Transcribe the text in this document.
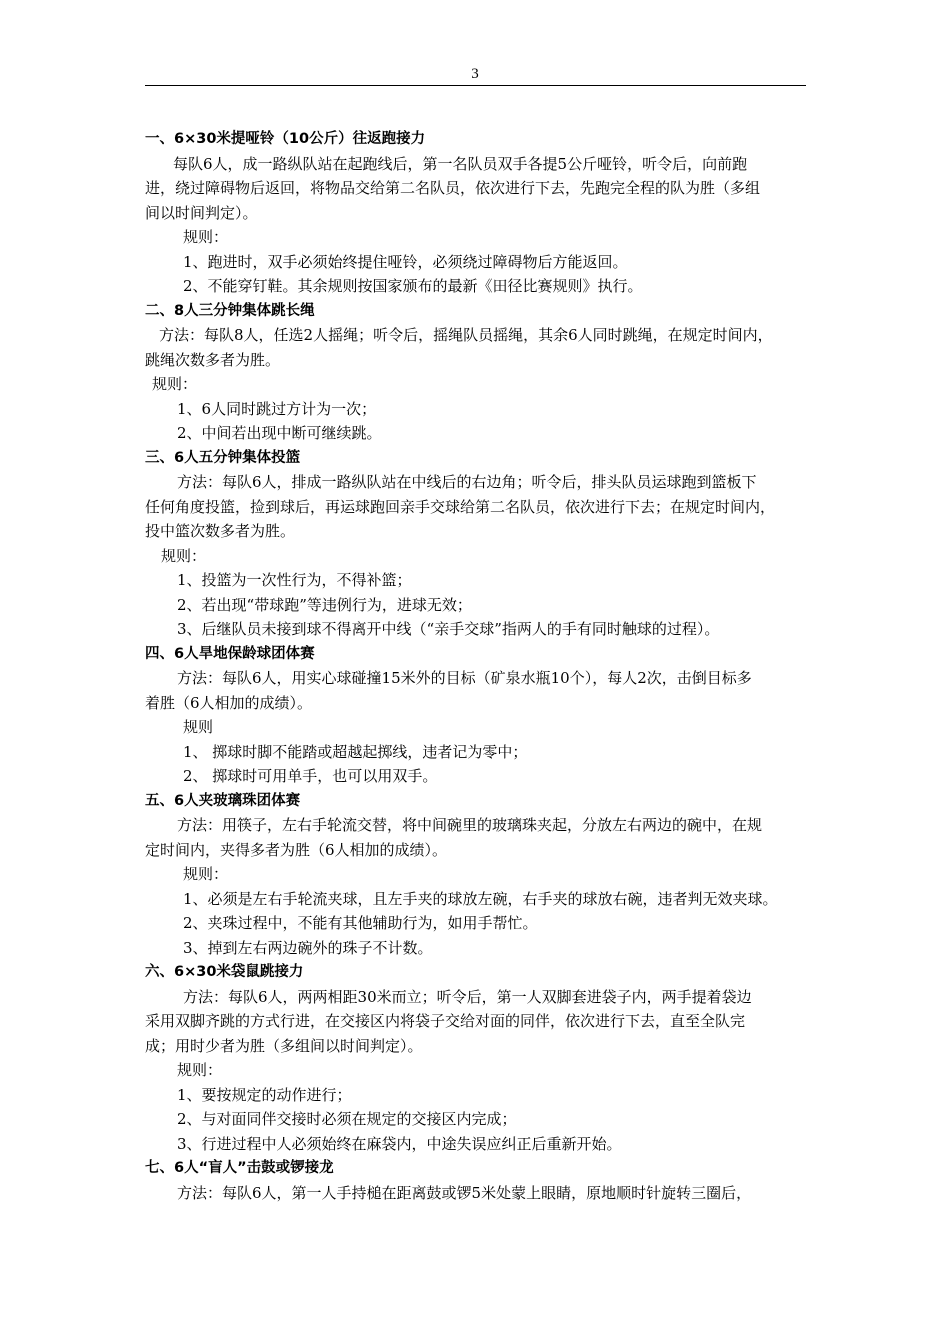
3
一、6×30米提哑铃（10公斤）往返跑接力
每队6人，成一路纵队站在起跑线后，第一名队员双手各提5公斤哑铃，听令后，向前跑
进，绕过障碍物后返回，将物品交给第二名队员，依次进行下去，先跑完全程的队为胜（多组
间以时间判定）。
规则：
1、跑进时，双手必须始终提住哑铃，必须绕过障碍物后方能返回。
2、不能穿钉鞋。其余规则按国家颁布的最新《田径比赛规则》执行。
二、8人三分钟集体跳长绳
方法：每队8人，任选2人摇绳；听令后，摇绳队员摇绳，其余6人同时跳绳，在规定时间内，
跳绳次数多者为胜。
规则：
1、6人同时跳过方计为一次；
2、中间若出现中断可继续跳。
三、6人五分钟集体投篮
方法：每队6人，排成一路纵队站在中线后的右边角；听令后，排头队员运球跑到篮板下
任何角度投篮，捡到球后，再运球跑回亲手交球给第二名队员，依次进行下去；在规定时间内，
投中篮次数多者为胜。
规则：
1、投篮为一次性行为，不得补篮；
2、若出现“带球跑”等违例行为，进球无效；
3、后继队员未接到球不得离开中线（“亲手交球”指两人的手有同时触球的过程）。
四、6人旱地保龄球团体赛
方法：每队6人，用实心球碰撞15米外的目标（矿泉水瓶10个），每人2次，击倒目标多
着胜（6人相加的成绩）。
规则
1、 掷球时脚不能踏或超越起掷线，违者记为零中；
2、 掷球时可用单手，也可以用双手。
五、6人夹玻璃珠团体赛
方法：用筷子，左右手轮流交替，将中间碗里的玻璃珠夹起，分放左右两边的碗中，在规
定时间内，夹得多者为胜（6人相加的成绩）。
规则：
1、必须是左右手轮流夹球，且左手夹的球放左碗，右手夹的球放右碗，违者判无效夹球。
2、夹珠过程中，不能有其他辅助行为，如用手帮忙。
3、掉到左右两边碗外的珠子不计数。
六、6×30米袋鼠跳接力
方法：每队6人，两两相距30米而立；听令后，第一人双脚套进袋子内，两手提着袋边
采用双脚齐跳的方式行进，在交接区内将袋子交给对面的同伴，依次进行下去，直至全队完
成；用时少者为胜（多组间以时间判定）。
规则：
1、要按规定的动作进行；
2、与对面同伴交接时必须在规定的交接区内完成；
3、行进过程中人必须始终在麻袋内，中途失误应纠正后重新开始。
七、6人“盲人”击鼓或锣接龙
方法：每队6人，第一人手持槌在距离鼓或锣5米处蒙上眼睛，原地顺时针旋转三圈后，
